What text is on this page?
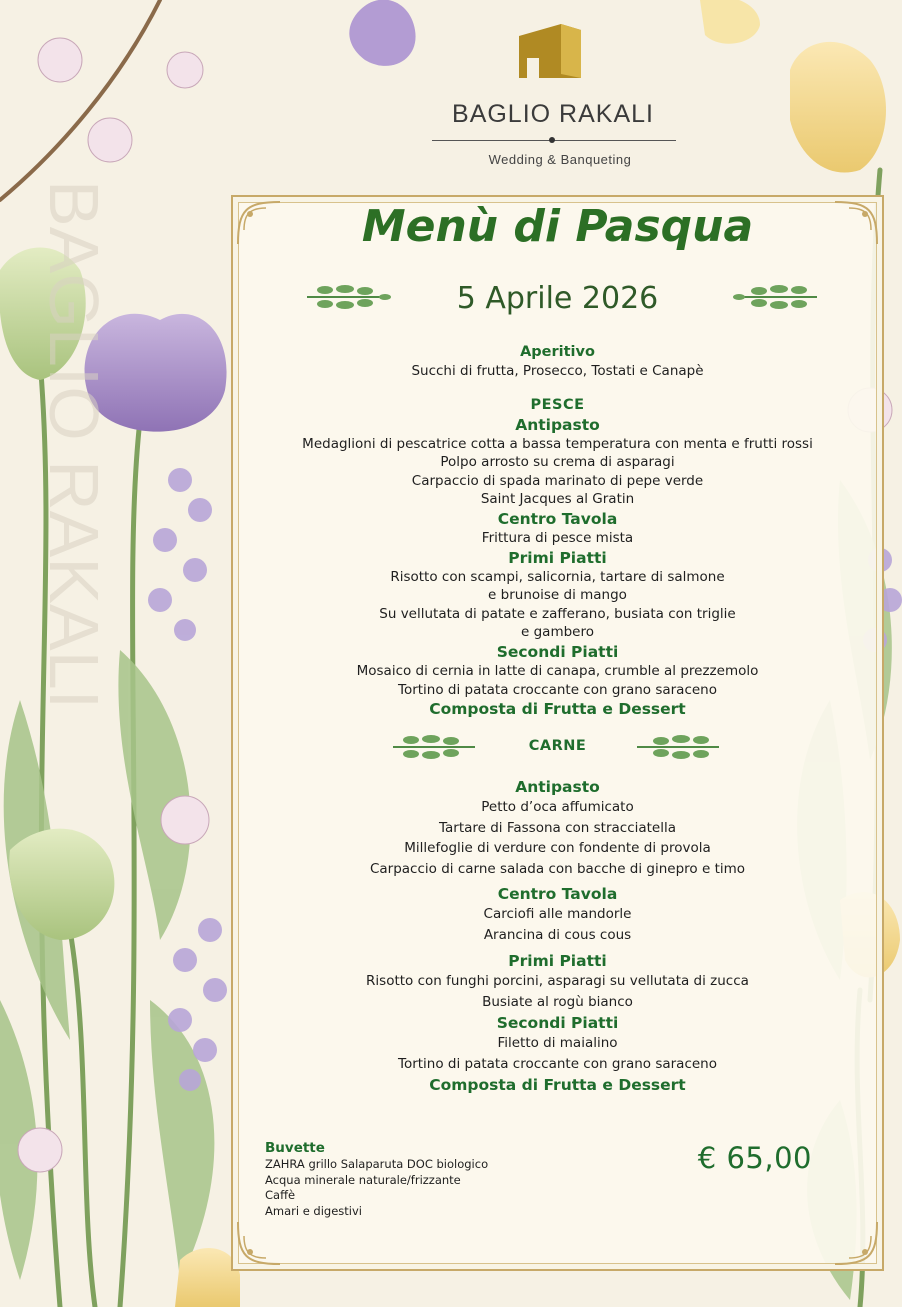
BAGLIO RAKALI
BAGLIO RAKALI
Wedding & Banqueting
Menù di Pasqua
5 Aprile 2026
Aperitivo
Succhi di frutta, Prosecco, Tostati e Canapè
PESCE
Antipasto
Medaglioni di pescatrice cotta a bassa temperatura con menta e frutti rossi
Polpo arrosto su crema di asparagi
Carpaccio di spada marinato di pepe verde
Saint Jacques al Gratin
Centro Tavola
Frittura di pesce mista
Primi Piatti
Risotto con scampi, salicornia, tartare di salmone
e brunoise di mango
Su vellutata di patate e zafferano, busiata con triglie
e gambero
Secondi Piatti
Mosaico di cernia in latte di canapa, crumble al prezzemolo
Tortino di patata croccante con grano saraceno
Composta di Frutta e Dessert
CARNE
Antipasto
Petto d’oca affumicato
Tartare di Fassona con stracciatella
Millefoglie di verdure con fondente di provola
Carpaccio di carne salada con bacche di ginepro e timo
Centro Tavola
Carciofi alle mandorle
Arancina di cous cous
Primi Piatti
Risotto con funghi porcini, asparagi su vellutata di zucca
Busiate al rogù bianco
Secondi Piatti
Filetto di maialino
Tortino di patata croccante con grano saraceno
Composta di Frutta e Dessert
Buvette
ZAHRA grillo Salaparuta DOC biologico
Acqua minerale naturale/frizzante
Caffè
Amari e digestivi
€ 65,00
